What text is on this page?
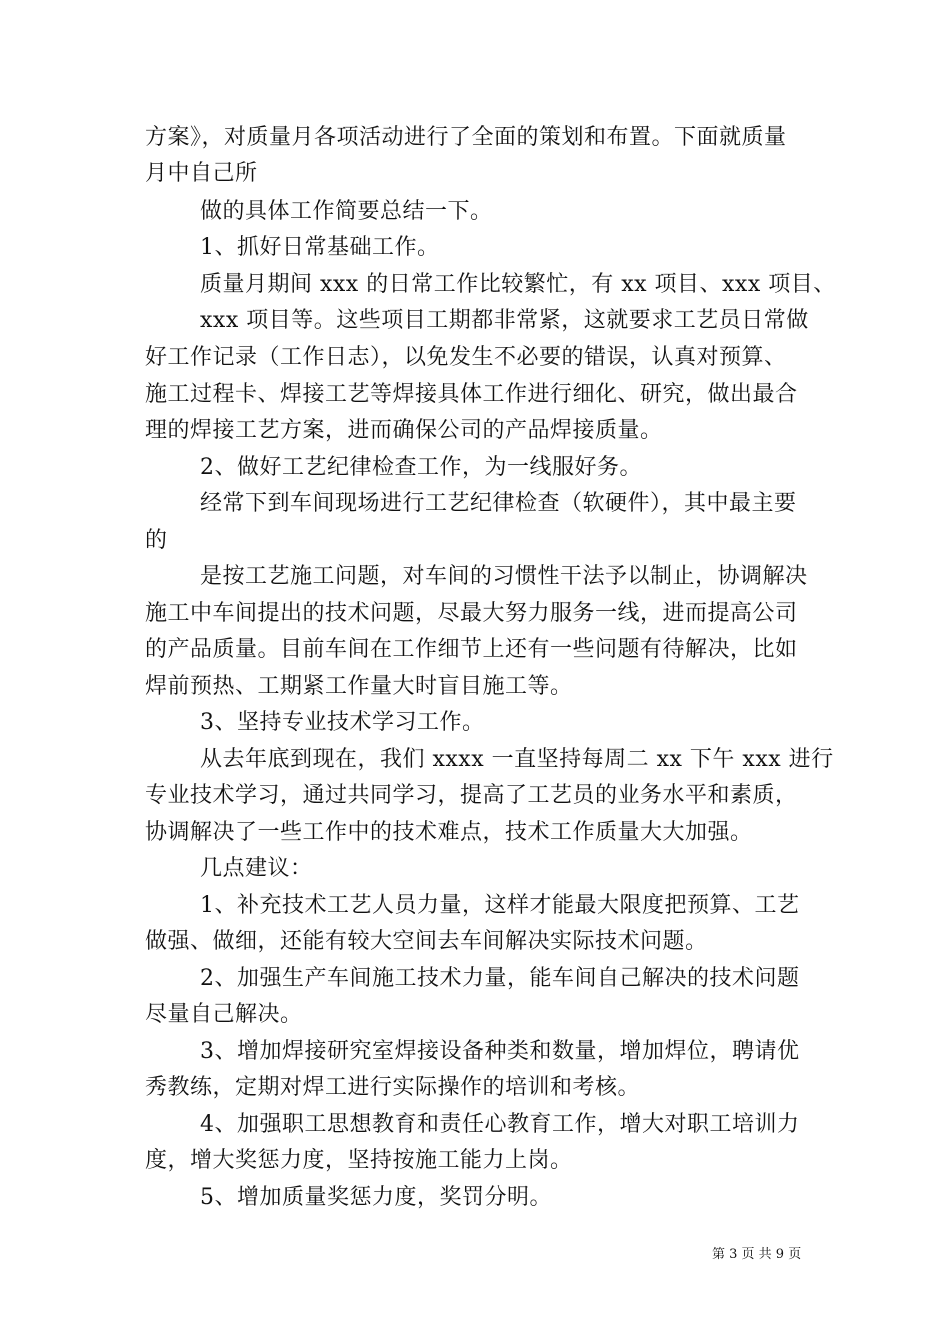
方案》，对质量月各项活动进行了全面的策划和布置。下面就质量
月中自己所
做的具体工作简要总结一下。
1、抓好日常基础工作。
质量月期间 xxx 的日常工作比较繁忙，有 xx 项目、xxx 项目、
xxx 项目等。这些项目工期都非常紧，这就要求工艺员日常做
好工作记录（工作日志），以免发生不必要的错误，认真对预算、
施工过程卡、焊接工艺等焊接具体工作进行细化、研究，做出最合
理的焊接工艺方案，进而确保公司的产品焊接质量。
2、做好工艺纪律检查工作，为一线服好务。
经常下到车间现场进行工艺纪律检查（软硬件），其中最主要
的
是按工艺施工问题，对车间的习惯性干法予以制止，协调解决
施工中车间提出的技术问题，尽最大努力服务一线，进而提高公司
的产品质量。目前车间在工作细节上还有一些问题有待解决，比如
焊前预热、工期紧工作量大时盲目施工等。
3、坚持专业技术学习工作。
从去年底到现在，我们 xxxx 一直坚持每周二 xx 下午 xxx 进行
专业技术学习，通过共同学习，提高了工艺员的业务水平和素质，
协调解决了一些工作中的技术难点，技术工作质量大大加强。
几点建议：
1、补充技术工艺人员力量，这样才能最大限度把预算、工艺
做强、做细，还能有较大空间去车间解决实际技术问题。
2、加强生产车间施工技术力量，能车间自己解决的技术问题
尽量自己解决。
3、增加焊接研究室焊接设备种类和数量，增加焊位，聘请优
秀教练，定期对焊工进行实际操作的培训和考核。
4、加强职工思想教育和责任心教育工作，增大对职工培训力
度，增大奖惩力度，坚持按施工能力上岗。
5、增加质量奖惩力度，奖罚分明。
第 3 页 共 9 页
